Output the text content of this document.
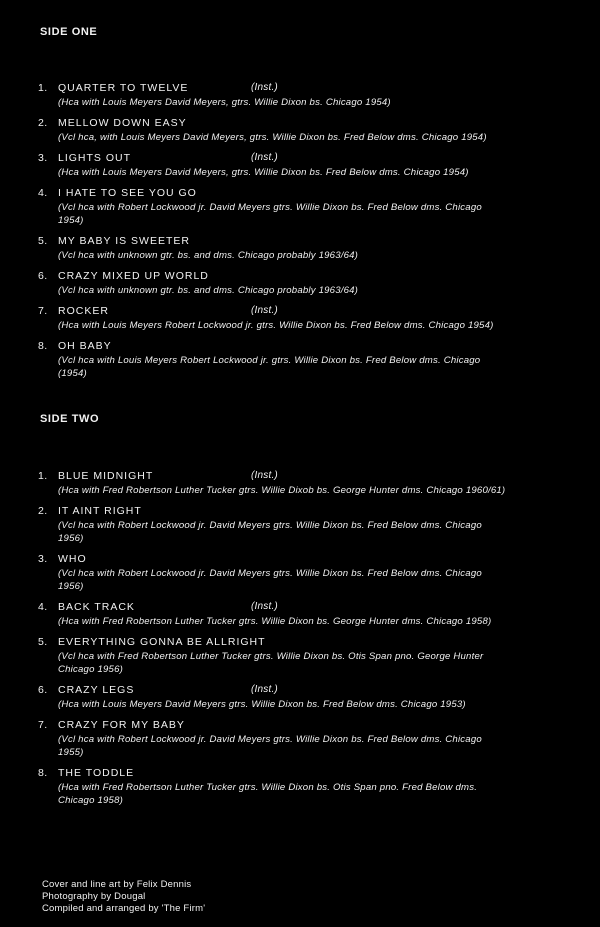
SIDE ONE
1. QUARTER TO TWELVE	(Inst.)
(Hca with Louis Meyers David Meyers, gtrs. Willie Dixon bs. Chicago 1954)
2. MELLOW DOWN EASY
(Vcl hca, with Louis Meyers David Meyers, gtrs. Willie Dixon bs. Fred Below dms. Chicago 1954)
3. LIGHTS OUT	(Inst.)
(Hca with Louis Meyers David Meyers, gtrs. Willie Dixon bs. Fred Below dms. Chicago 1954)
4. I HATE TO SEE YOU GO
(Vcl hca with Robert Lockwood jr. David Meyers gtrs. Willie Dixon bs. Fred Below dms. Chicago
1954)
5. MY BABY IS SWEETER
(Vcl hca with unknown gtr. bs. and dms. Chicago probably 1963/64)
6. CRAZY MIXED UP WORLD
(Vcl hca with unknown gtr. bs. and dms. Chicago probably 1963/64)
7. ROCKER	(Inst.)
(Hca with Louis Meyers Robert Lockwood jr. gtrs. Willie Dixon bs. Fred Below dms. Chicago 1954)
8. OH BABY
(Vcl hca with Louis Meyers Robert Lockwood jr. gtrs. Willie Dixon bs. Fred Below dms. Chicago
(1954)
SIDE TWO
1. BLUE MIDNIGHT	(Inst.)
(Hca with Fred Robertson Luther Tucker gtrs. Willie Dixob bs. George Hunter dms. Chicago 1960/61)
2. IT AINT RIGHT
(Vcl hca with Robert Lockwood jr. David Meyers gtrs. Willie Dixon bs. Fred Below dms. Chicago
1956)
3. WHO
(Vcl hca with Robert Lockwood jr. David Meyers gtrs. Willie Dixon bs. Fred Below dms. Chicago
1956)
4. BACK TRACK	(Inst.)
(Hca with Fred Robertson Luther Tucker gtrs. Willie Dixon bs. George Hunter dms. Chicago 1958)
5. EVERYTHING GONNA BE ALLRIGHT
(Vcl hca with Fred Robertson Luther Tucker gtrs. Willie Dixon bs. Otis Span pno. George Hunter
Chicago 1956)
6. CRAZY LEGS	(Inst.)
(Hca with Louis Meyers David Meyers gtrs. Willie Dixon bs. Fred Below dms. Chicago 1953)
7. CRAZY FOR MY BABY
(Vcl hca with Robert Lockwood jr. David Meyers gtrs. Willie Dixon bs. Fred Below dms. Chicago
1955)
8. THE TODDLE
(Hca with Fred Robertson Luther Tucker gtrs. Willie Dixon bs. Otis Span pno. Fred Below dms.
Chicago 1958)
Cover and line art by Felix Dennis
Photography by Dougal
Compiled and arranged by 'The Firm'
